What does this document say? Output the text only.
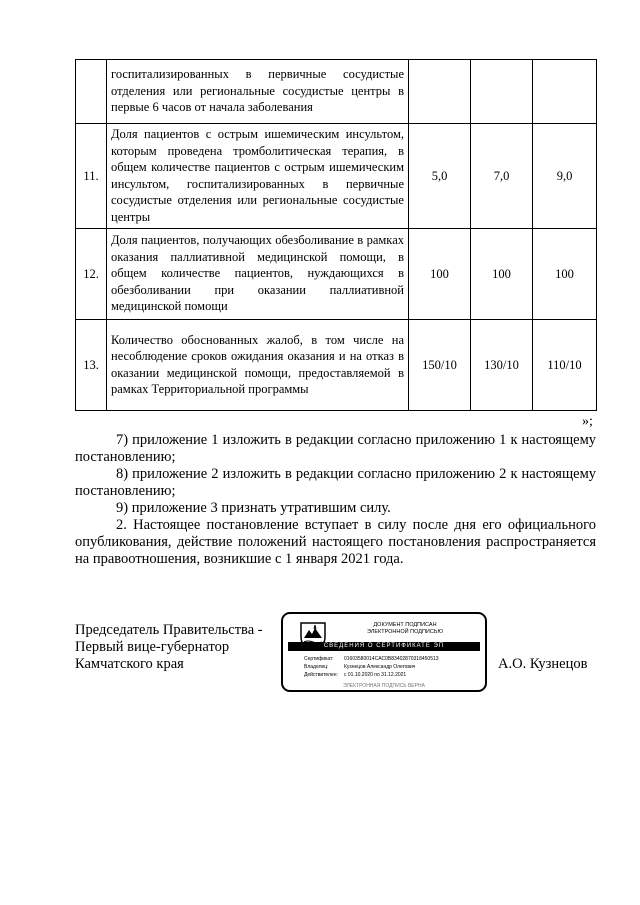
	госпитализированных в первичные сосудистые отделения или региональные сосудистые центры в первые 6 часов от начала заболевания			
11.	Доля пациентов с острым ишемическим инсультом, которым проведена тромболитическая терапия, в общем количестве пациентов с острым ишемическим инсультом, госпитализированных в первичные сосудистые отделения или региональные сосудистые центры	5,0	7,0	9,0
12.	Доля пациентов, получающих обезболивание в рамках оказания паллиативной медицинской помощи, в общем количестве пациентов, нуждающихся в обезболивании при оказании паллиативной медицинской помощи	100	100	100
13.	Количество обоснованных жалоб, в том числе на несоблюдение сроков ожидания оказания и на отказ в оказании медицинской помощи, предоставляемой в рамках Территориальной программы	150/10	130/10	110/10
»;

7) приложение 1 изложить в редакции согласно приложению 1 к настоящему постановлению;

8) приложение 2 изложить в редакции согласно приложению 2 к настоящему постановлению;

9) приложение 3 признать утратившим силу.

2. Настоящее постановление вступает в силу после дня его официального опубликования, действие положений настоящего постановления распространяется на правоотношения, возникшие с 1 января 2021 года.

Председатель Правительства -
Первый вице-губернатор
Камчатского края
ДОКУМЕНТ ПОДПИСАН
ЭЛЕКТРОННОЙ ПОДПИСЬЮ
СВЕДЕНИЯ О СЕРТИФИКАТЕ ЭП
Сертификат: 01603580014CAC0B83402870318450513
Владелец:	Кузнецов Александр Олегович
Действителен: с 01.10.2020 по 31.12.2021
ЭЛЕКТРОННАЯ ПОДПИСЬ ВЕРНА
А.О. Кузнецов
